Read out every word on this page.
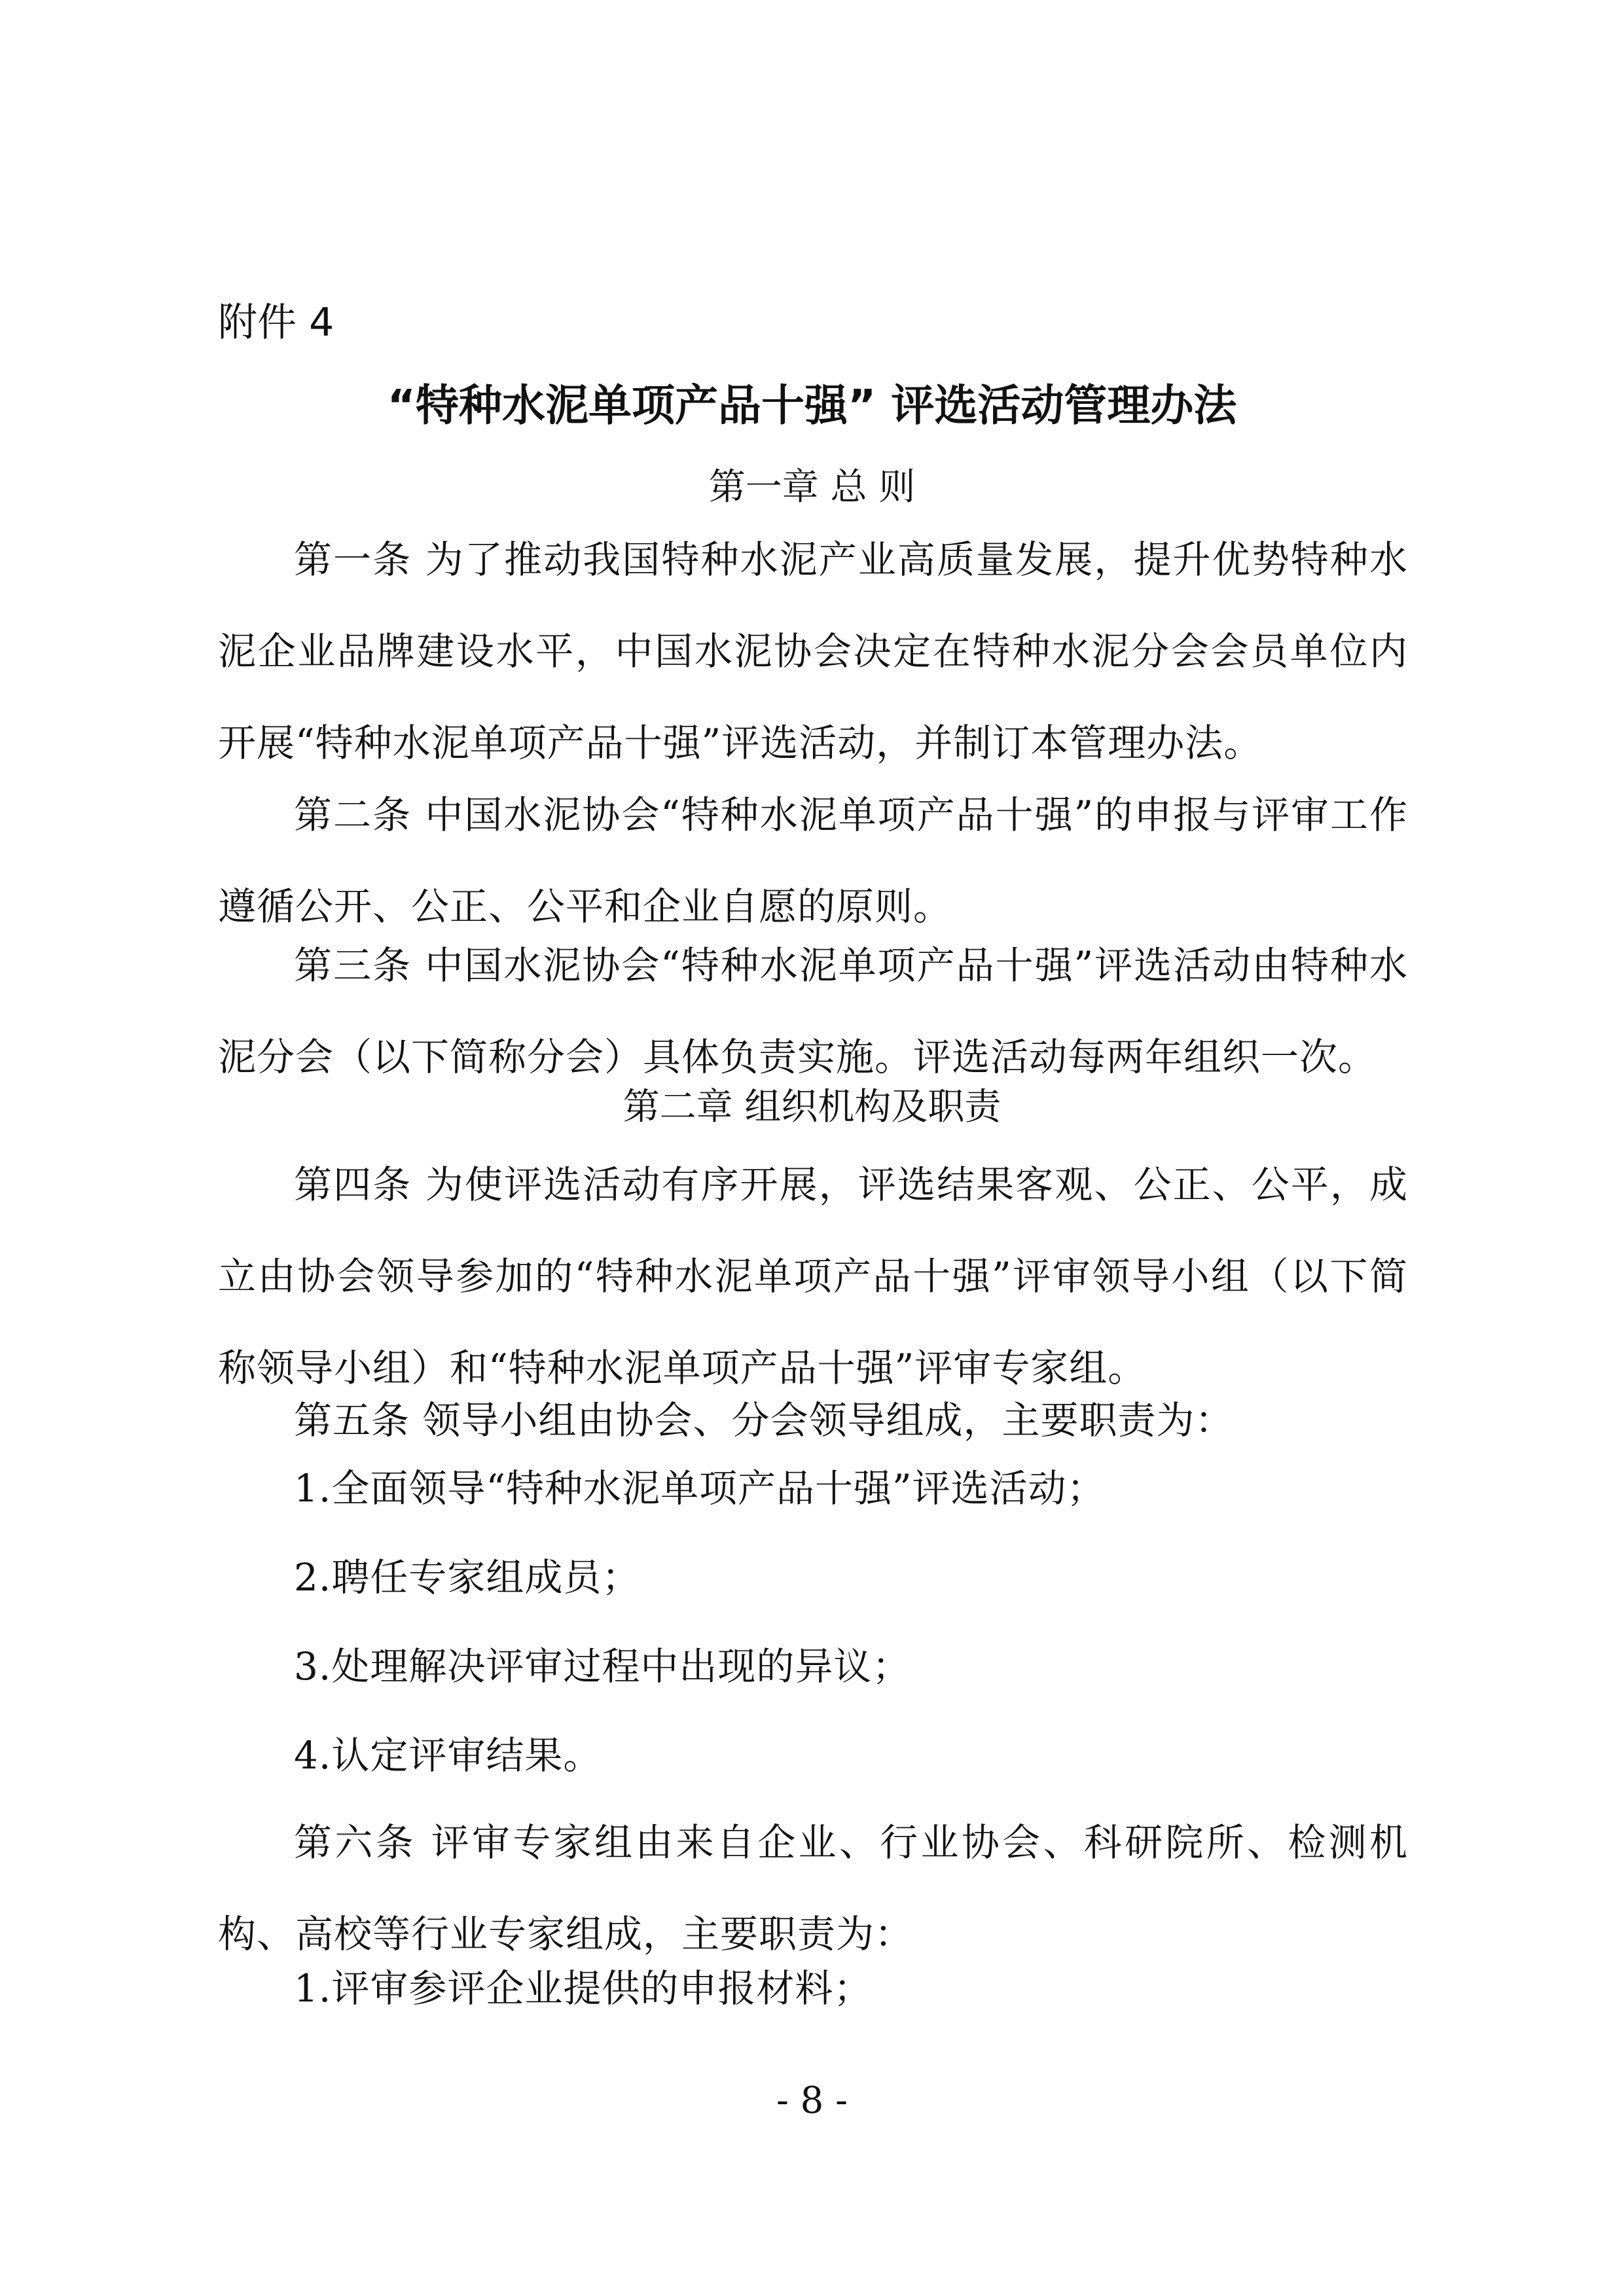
附件 4
“特种水泥单项产品十强” 评选活动管理办法
第一章 总 则
第一条 为了推动我国特种水泥产业高质量发展，提升优势特种水泥企业品牌建设水平，中国水泥协会决定在特种水泥分会会员单位内开展“特种水泥单项产品十强”评选活动，并制订本管理办法。
第二条 中国水泥协会“特种水泥单项产品十强”的申报与评审工作遵循公开、公正、公平和企业自愿的原则。
第三条 中国水泥协会“特种水泥单项产品十强”评选活动由特种水泥分会（以下简称分会）具体负责实施。评选活动每两年组织一次。
第二章 组织机构及职责
第四条 为使评选活动有序开展，评选结果客观、公正、公平，成立由协会领导参加的“特种水泥单项产品十强”评审领导小组（以下简称领导小组）和“特种水泥单项产品十强”评审专家组。
第五条 领导小组由协会、分会领导组成，主要职责为：
1.全面领导“特种水泥单项产品十强”评选活动；
2.聘任专家组成员；
3.处理解决评审过程中出现的异议；
4.认定评审结果。
第六条 评审专家组由来自企业、行业协会、科研院所、检测机构、高校等行业专家组成，主要职责为：
1.评审参评企业提供的申报材料；
- 8 -
